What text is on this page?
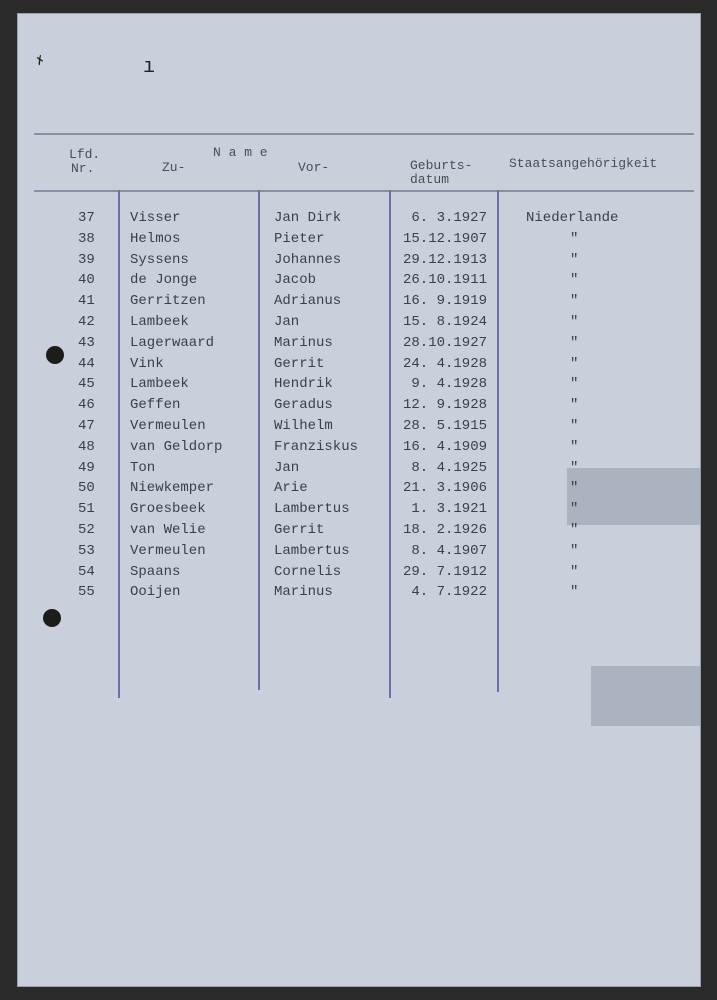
✗	ı
Lfd.
Nr.
N a m e
Zu-	Vor-	Geburts-
datum
Staatsangehörigkeit
37	Visser	Jan Dirk	6. 3.1927	Niederlande
38	Helmos	Pieter	15.12.1907	"
39	Syssens	Johannes	29.12.1913	"
40	de Jonge	Jacob	26.10.1911	"
41	Gerritzen	Adrianus	16. 9.1919	"
42	Lambeek	Jan	15. 8.1924	"
43	Lagerwaard	Marinus	28.10.1927	"
44	Vink	Gerrit	24. 4.1928	"
45	Lambeek	Hendrik	9. 4.1928	"
46	Geffen	Geradus	12. 9.1928	"
47	Vermeulen	Wilhelm	28. 5.1915	"
48	van Geldorp	Franziskus	16. 4.1909	"
49	Ton	Jan	8. 4.1925	"
50	Niewkemper	Arie	21. 3.1906	"
51	Groesbeek	Lambertus	1. 3.1921	"
52	van Welie	Gerrit	18. 2.1926	"
53	Vermeulen	Lambertus	8. 4.1907	"
54	Spaans	Cornelis	29. 7.1912	"
55	Ooijen	Marinus	4. 7.1922	"
